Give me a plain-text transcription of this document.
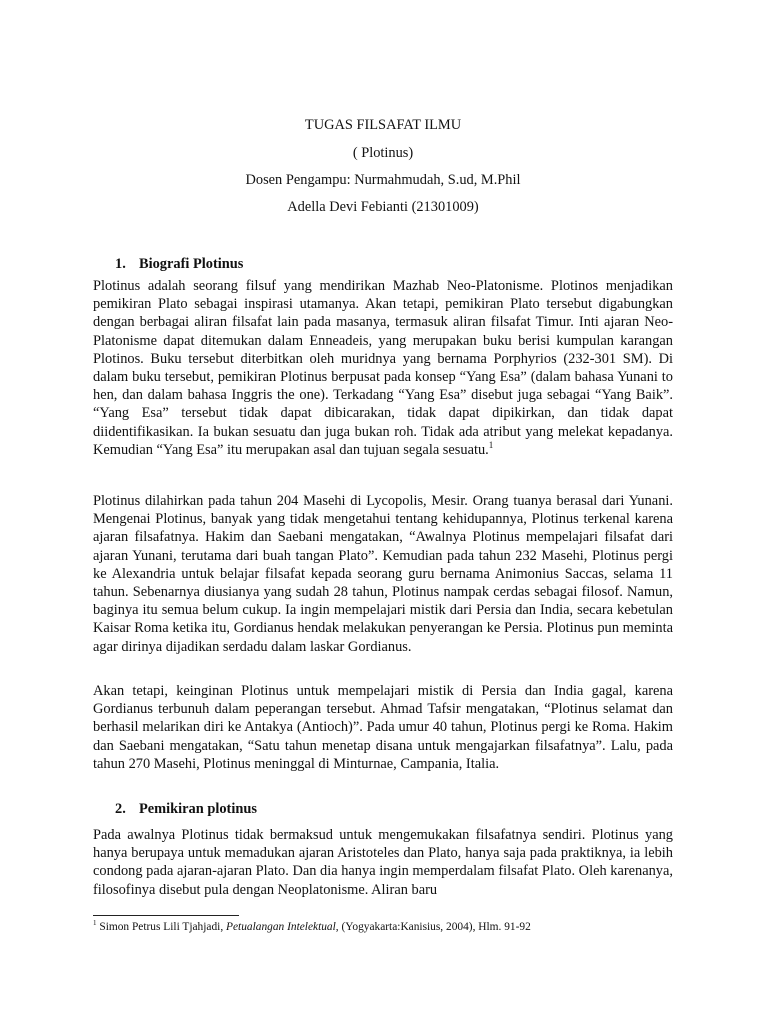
TUGAS FILSAFAT ILMU
( Plotinus)
Dosen Pengampu: Nurmahmudah, S.ud, M.Phil
Adella Devi Febianti (21301009)
1. Biografi Plotinus

Plotinus adalah seorang filsuf yang mendirikan Mazhab Neo-Platonisme. Plotinos menjadikan pemikiran Plato sebagai inspirasi utamanya. Akan tetapi, pemikiran Plato tersebut digabungkan dengan berbagai aliran filsafat lain pada masanya, termasuk aliran filsafat Timur. Inti ajaran Neo-Platonisme dapat ditemukan dalam Enneadeis, yang merupakan buku berisi kumpulan karangan Plotinos. Buku tersebut diterbitkan oleh muridnya yang bernama Porphyrios (232-301 SM). Di dalam buku tersebut, pemikiran Plotinus berpusat pada konsep “Yang Esa” (dalam bahasa Yunani to hen, dan dalam bahasa Inggris the one). Terkadang “Yang Esa” disebut juga sebagai “Yang Baik”. “Yang Esa” tersebut tidak dapat dibicarakan, tidak dapat dipikirkan, dan tidak dapat diidentifikasikan. Ia bukan sesuatu dan juga bukan roh. Tidak ada atribut yang melekat kepadanya. Kemudian “Yang Esa” itu merupakan asal dan tujuan segala sesuatu.$^1$

Plotinus dilahirkan pada tahun 204 Masehi di Lycopolis, Mesir. Orang tuanya berasal dari Yunani. Mengenai Plotinus, banyak yang tidak mengetahui tentang kehidupannya, Plotinus terkenal karena ajaran filsafatnya. Hakim dan Saebani mengatakan, “Awalnya Plotinus mempelajari filsafat dari ajaran Yunani, terutama dari buah tangan Plato”. Kemudian pada tahun 232 Masehi, Plotinus pergi ke Alexandria untuk belajar filsafat kepada seorang guru bernama Animonius Saccas, selama 11 tahun. Sebenarnya diusianya yang sudah 28 tahun, Plotinus nampak cerdas sebagai filosof. Namun, baginya itu semua belum cukup. Ia ingin mempelajari mistik dari Persia dan India, secara kebetulan Kaisar Roma ketika itu, Gordianus hendak melakukan penyerangan ke Persia. Plotinus pun meminta agar dirinya dijadikan serdadu dalam laskar Gordianus.

Akan tetapi, keinginan Plotinus untuk mempelajari mistik di Persia dan India gagal, karena Gordianus terbunuh dalam peperangan tersebut. Ahmad Tafsir mengatakan, “Plotinus selamat dan berhasil melarikan diri ke Antakya (Antioch)”. Pada umur 40 tahun, Plotinus pergi ke Roma. Hakim dan Saebani mengatakan, “Satu tahun menetap disana untuk mengajarkan filsafatnya”. Lalu, pada tahun 270 Masehi, Plotinus meninggal di Minturnae, Campania, Italia.

2. Pemikiran plotinus

Pada awalnya Plotinus tidak bermaksud untuk mengemukakan filsafatnya sendiri. Plotinus yang hanya berupaya untuk memadukan ajaran Aristoteles dan Plato, hanya saja pada praktiknya, ia lebih condong pada ajaran-ajaran Plato. Dan dia hanya ingin memperdalam filsafat Plato. Oleh karenanya, filosofinya disebut pula dengan Neoplatonisme. Aliran baru

$^1$ Simon Petrus Lili Tjahjadi, Petualangan Intelektual, (Yogyakarta:Kanisius, 2004), Hlm. 91-92
